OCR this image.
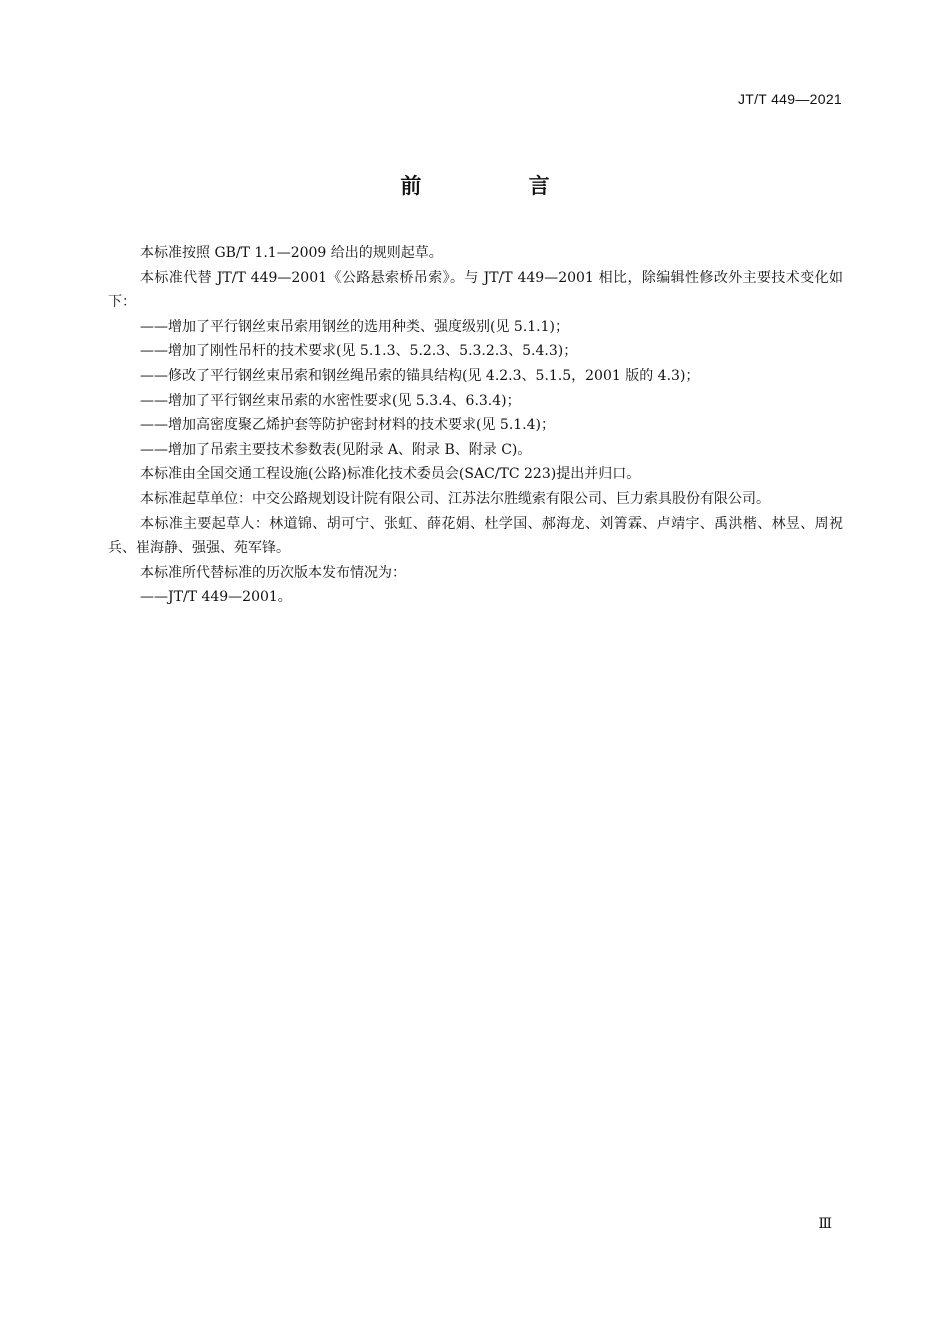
JT/T 449—2021
前 言

本标准按照 GB/T 1.1—2009 给出的规则起草。

本标准代替 JT/T 449—2001《公路悬索桥吊索》。与 JT/T 449—2001 相比，除编辑性修改外主要技术变化如下：

——增加了平行钢丝束吊索用钢丝的选用种类、强度级别(见 5.1.1)；

——增加了刚性吊杆的技术要求(见 5.1.3、5.2.3、5.3.2.3、5.4.3)；

——修改了平行钢丝束吊索和钢丝绳吊索的锚具结构(见 4.2.3、5.1.5，2001 版的 4.3)；

——增加了平行钢丝束吊索的水密性要求(见 5.3.4、6.3.4)；

——增加高密度聚乙烯护套等防护密封材料的技术要求(见 5.1.4)；

——增加了吊索主要技术参数表(见附录 A、附录 B、附录 C)。

本标准由全国交通工程设施(公路)标准化技术委员会(SAC/TC 223)提出并归口。

本标准起草单位：中交公路规划设计院有限公司、江苏法尔胜缆索有限公司、巨力索具股份有限公司。

本标准主要起草人：林道锦、胡可宁、张虹、薛花娟、杜学国、郝海龙、刘箐霖、卢靖宇、禹洪楷、林昱、周祝兵、崔海静、强强、苑军锋。

本标准所代替标准的历次版本发布情况为：

——JT/T 449—2001。

Ⅲ
